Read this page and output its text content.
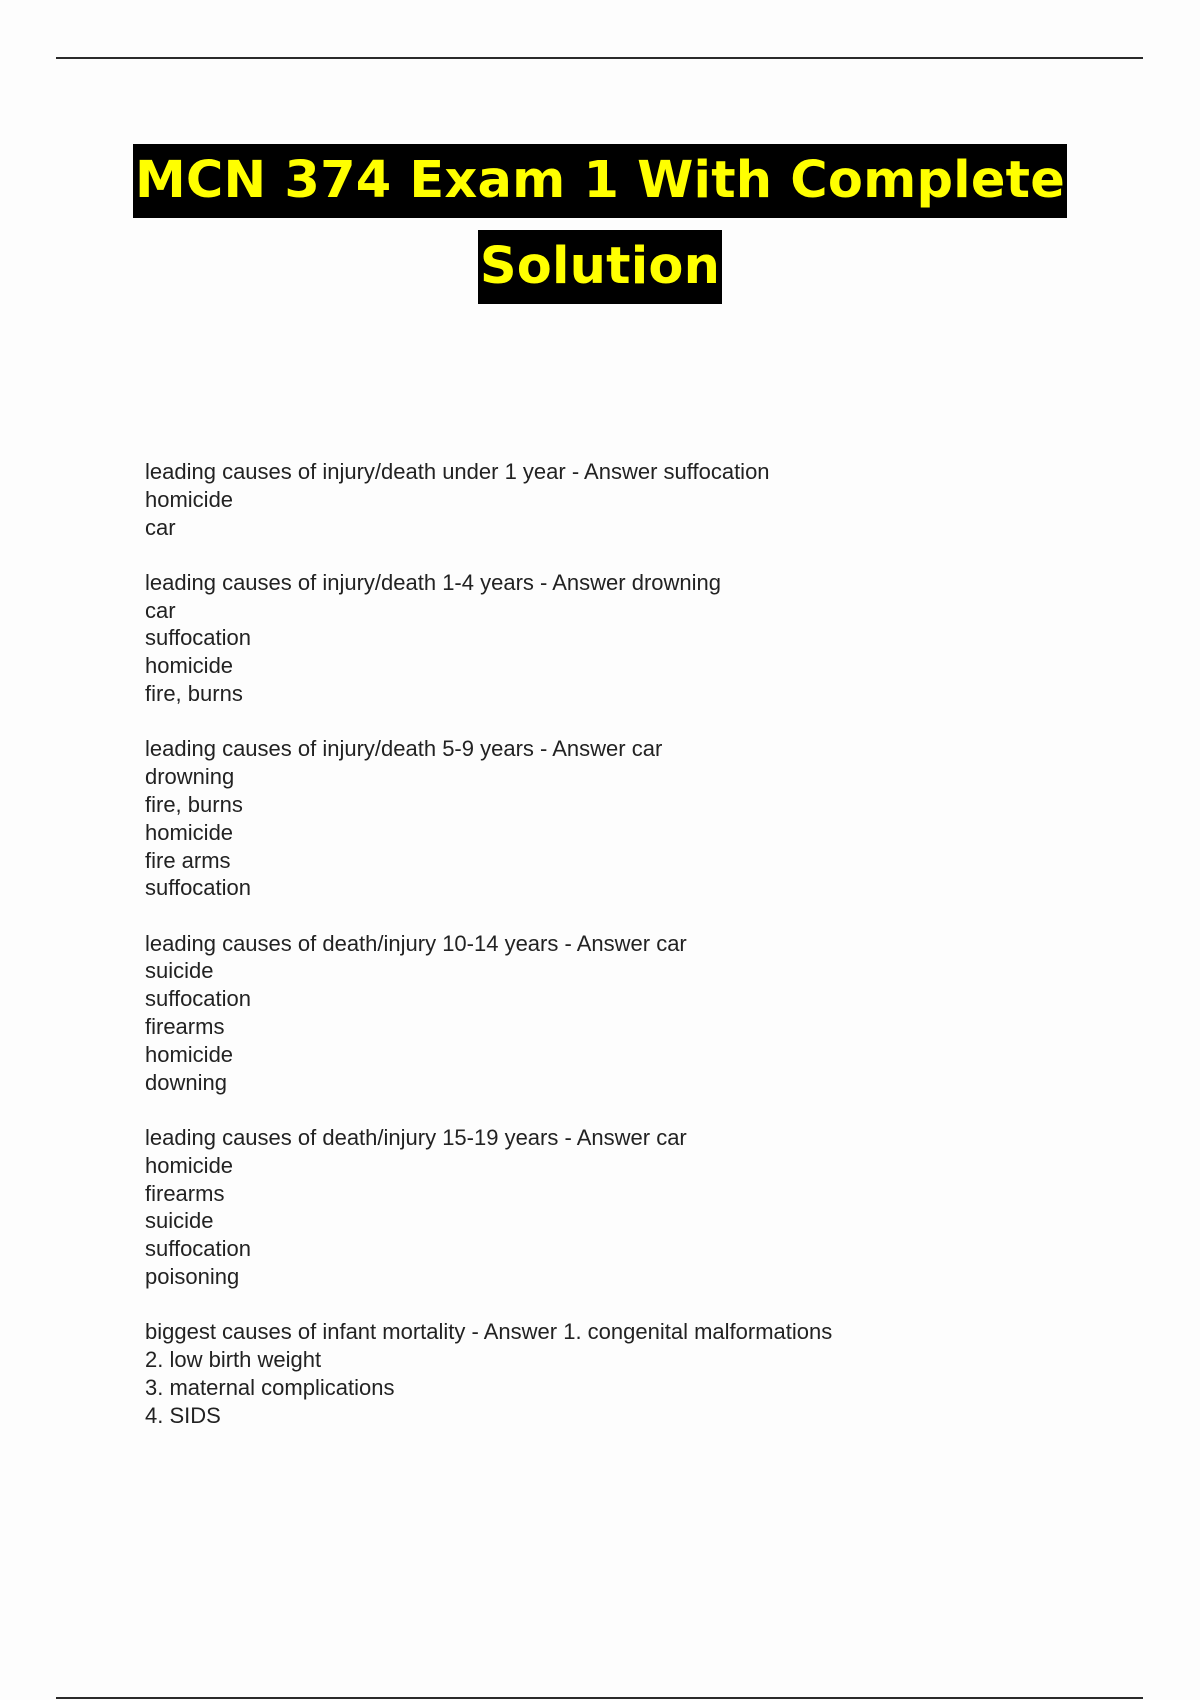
MCN 374 Exam 1 With Complete
Solution
leading causes of injury/death under 1 year - Answer suffocation
homicide
car
leading causes of injury/death 1-4 years - Answer drowning
car
suffocation
homicide
fire, burns
leading causes of injury/death 5-9 years - Answer car
drowning
fire, burns
homicide
fire arms
suffocation
leading causes of death/injury 10-14 years - Answer car
suicide
suffocation
firearms
homicide
downing
leading causes of death/injury 15-19 years - Answer car
homicide
firearms
suicide
suffocation
poisoning
biggest causes of infant mortality - Answer 1. congenital malformations
2. low birth weight
3. maternal complications
4. SIDS
